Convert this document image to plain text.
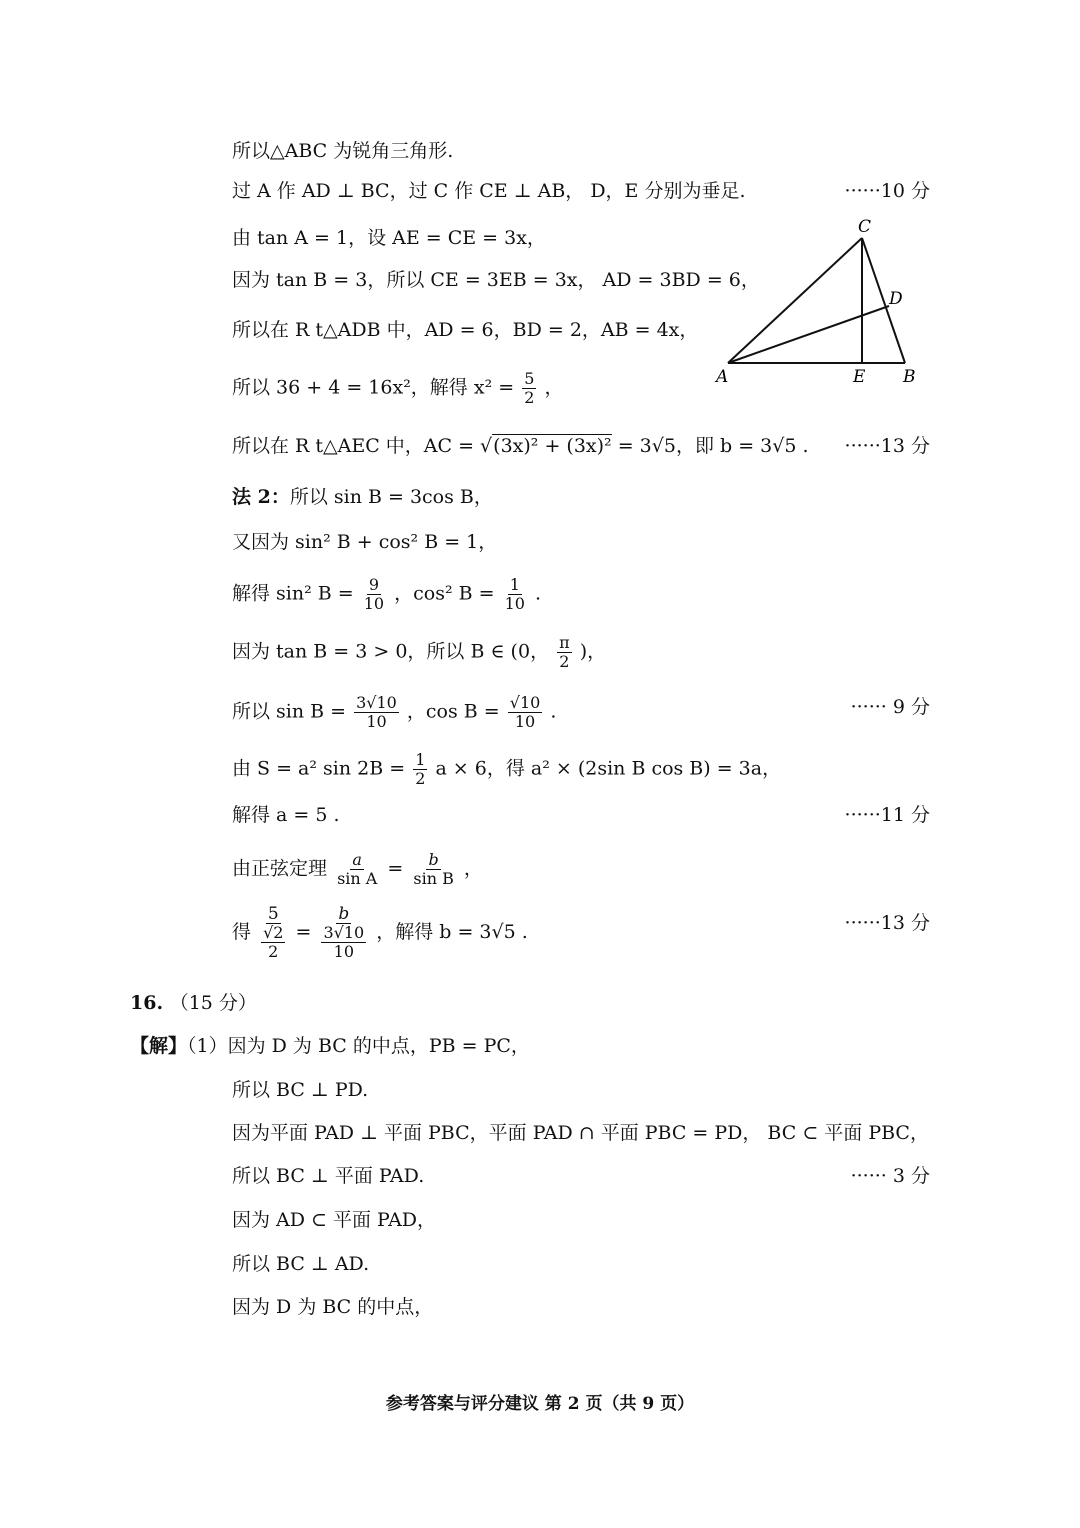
所以△ABC 为锐角三角形.
过 A 作 AD ⊥ BC，过 C 作 CE ⊥ AB， D，E 分别为垂足.	······10 分
由 tan A = 1，设 AE = CE = 3x，
因为 tan B = 3，所以 CE = 3EB = 3x， AD = 3BD = 6，
所以在 R t△ADB 中，AD = 6，BD = 2，AB = 4x，
所以 36 + 4 = 16x²，解得 $x^2 = \frac{5}{2}$ ，
所以在 R t△AEC 中，AC = √(3x)² + (3x)² = 3√5，即 b = 3√5 . ······13 分
法 2：所以 sin B = 3cos B，
又因为 sin² B + cos² B = 1，
解得 sin² $B = \frac{9}{10}$ ，cos² $B = \frac{1}{10}$ .
因为 tan B = 3 > 0，所以 B ∈ (0， $\frac{\pi}{2}$ )，
所以 $\sin B = \frac{3√10}{10}$ ，$\cos B = \frac{√10}{10}$ .	······ 9 分
由 S = a² $\sin 2B = \frac{1}{2}$ a × 6，得 a² × (2sin B cos B) = 3a，
解得 a = 5 .	······11 分
由正弦定理 $\frac{a}{\text{sin A}} = \frac{b}{\text{sin B}}$ ，
得 $\frac{5}{\frac{√2}{2}} = \frac{b}{\frac{3√10}{10}}$ ，解得 b = 3√5 .	······13 分
16. （15 分）
【解】（1）因为 D 为 BC 的中点，PB = PC，
所以 BC ⊥ PD.
因为平面 PAD ⊥ 平面 PBC，平面 PAD ∩ 平面 PBC = PD， BC ⊂ 平面 PBC，
所以 BC ⊥ 平面 PAD.	······ 3 分
因为 AD ⊂ 平面 PAD，
所以 BC ⊥ AD.
因为 D 为 BC 的中点，
A	E B
C
D
参考答案与评分建议 第 2 页（共 9 页）
